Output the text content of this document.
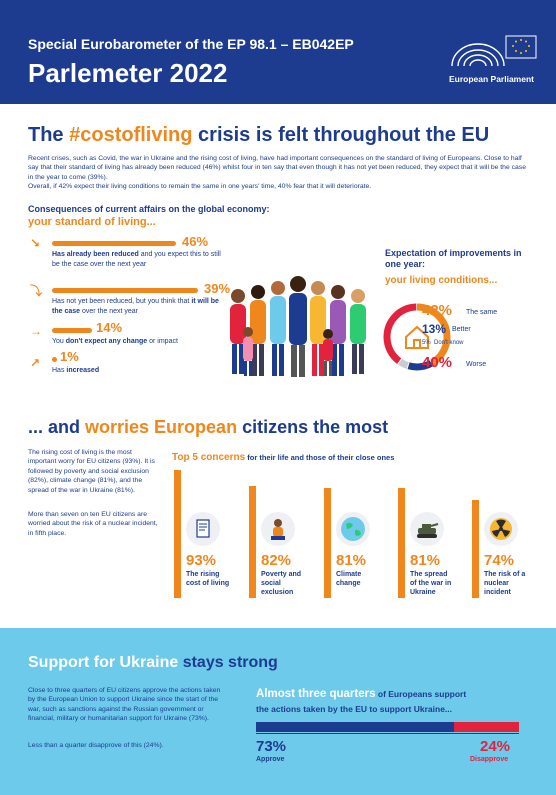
Special Eurobarometer of the EP 98.1 – EB042EP
Parlemeter 2022	European Parliament
The #costofliving crisis is felt throughout the EU
Recent crises, such as Covid, the war in Ukraine and the rising cost of living, have had important consequences on the standard of living of Europeans. Close to half say that their standard of living has already been reduced (46%) whilst four in ten say that even though it has not yet been reduced, they expect that it will be the case in the year to come (39%).
Overall, if 42% expect their living conditions to remain the same in one years' time, 40% fear that it will deteriorate.
Consequences of current affairs on the global economy:
your standard of living...
↘	46%
Has already been reduced and you expect this to still be the case over the next year
⤵	39%
Has not yet been reduced, but you think that it will be the case over the next year
→	14%
You don't expect any change or impact
↗ 1%
Has increased
Expectation of improvements in one year:
your living conditions...
42% The same
13% Better
5% Don't know
40% Worse
... and worries European citizens the most
The rising cost of living is the most important worry for EU citizens (93%). It is followed by poverty and social exclusion (82%), climate change (81%), and the spread of the war in Ukraine (81%).
More than seven on ten EU citizens are worried about the risk of a nuclear incident, in fifth place.
Top 5 concerns for their life and those of their close ones
93%
The rising cost of living
82%
Poverty and social exclusion
81%
Climate change
81%
The spread of the war in Ukraine
74%
The risk of a nuclear incident
Support for Ukraine stays strong
Close to three quarters of EU citizens approve the actions taken by the European Union to support Ukraine since the start of the war, such as sanctions against the Russian government or financial, military or humanitarian support for Ukraine (73%).
Less than a quarter disapprove of this (24%).
Almost three quarters of Europeans support
the actions taken by the EU to support Ukraine...
73%
Approve
24%
Disapprove
